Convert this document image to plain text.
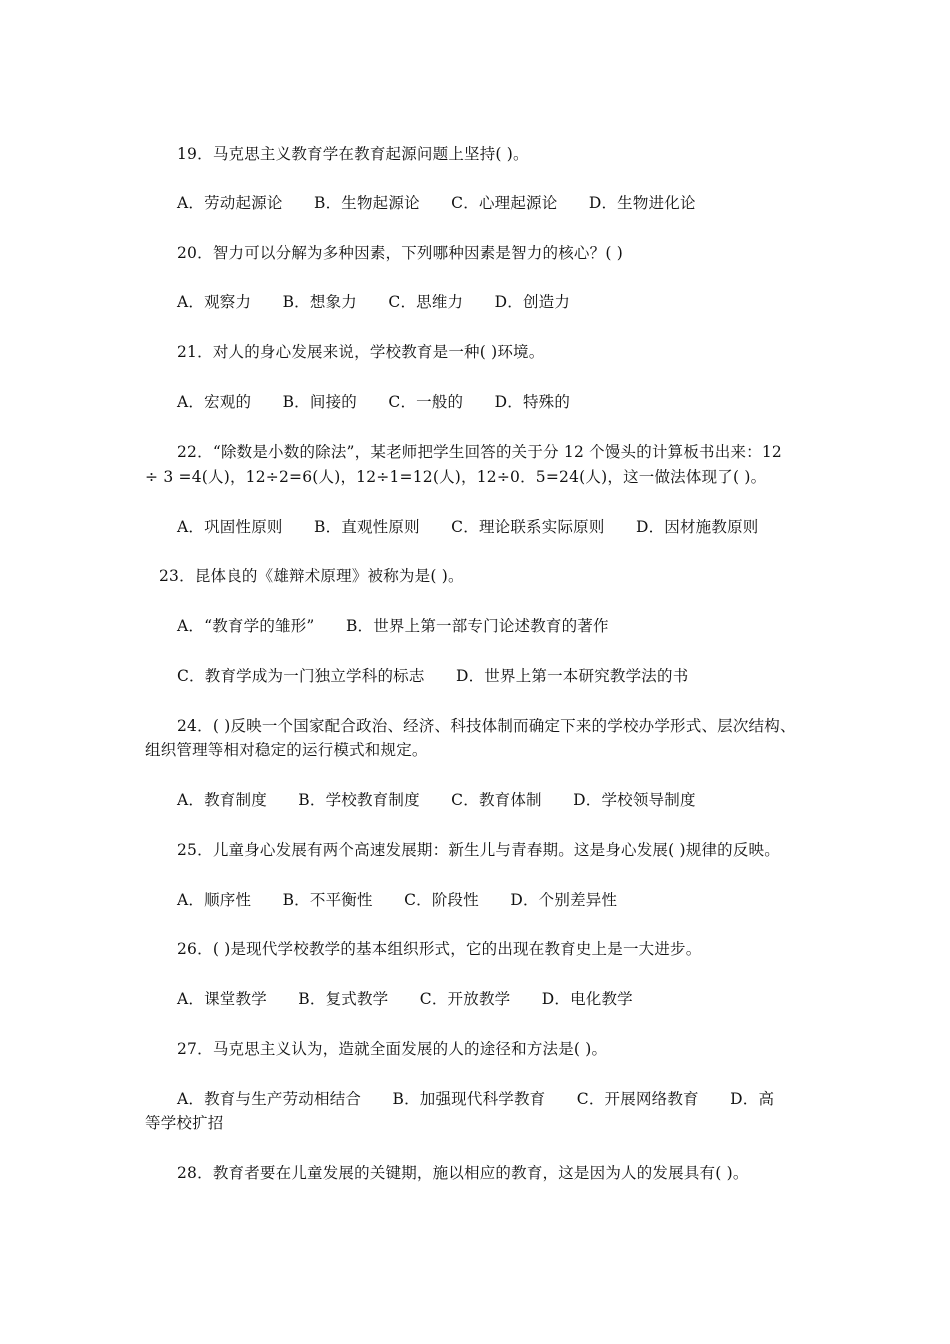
19．马克思主义教育学在教育起源问题上坚持( )。
A．劳动起源论　　B．生物起源论　　C．心理起源论　　D．生物进化论
20．智力可以分解为多种因素，下列哪种因素是智力的核心？( )
A．观察力　　B．想象力　　C．思维力　　D．创造力
21．对人的身心发展来说，学校教育是一种( )环境。
A．宏观的　　B．间接的　　C．一般的　　D．特殊的
22．“除数是小数的除法”，某老师把学生回答的关于分 12 个馒头的计算板书出来：12
÷ 3 =4(人)，12÷2=6(人)，12÷1=12(人)，12÷0．5=24(人)，这一做法体现了( )。
A．巩固性原则　　B．直观性原则　　C．理论联系实际原则　　D．因材施教原则
23．昆体良的《雄辩术原理》被称为是( )。
A．“教育学的雏形”　　B．世界上第一部专门论述教育的著作
C．教育学成为一门独立学科的标志　　D．世界上第一本研究教学法的书
24．( )反映一个国家配合政治、经济、科技体制而确定下来的学校办学形式、层次结构、
组织管理等相对稳定的运行模式和规定。
A．教育制度　　B．学校教育制度　　C．教育体制　　D．学校领导制度
25．儿童身心发展有两个高速发展期：新生儿与青春期。这是身心发展( )规律的反映。
A．顺序性　　B．不平衡性　　C．阶段性　　D．个别差异性
26．( )是现代学校教学的基本组织形式，它的出现在教育史上是一大进步。
A．课堂教学　　B．复式教学　　C．开放教学　　D．电化教学
27．马克思主义认为，造就全面发展的人的途径和方法是( )。
A．教育与生产劳动相结合　　B．加强现代科学教育　　C．开展网络教育　　D．高
等学校扩招
28．教育者要在儿童发展的关键期，施以相应的教育，这是因为人的发展具有( )。
